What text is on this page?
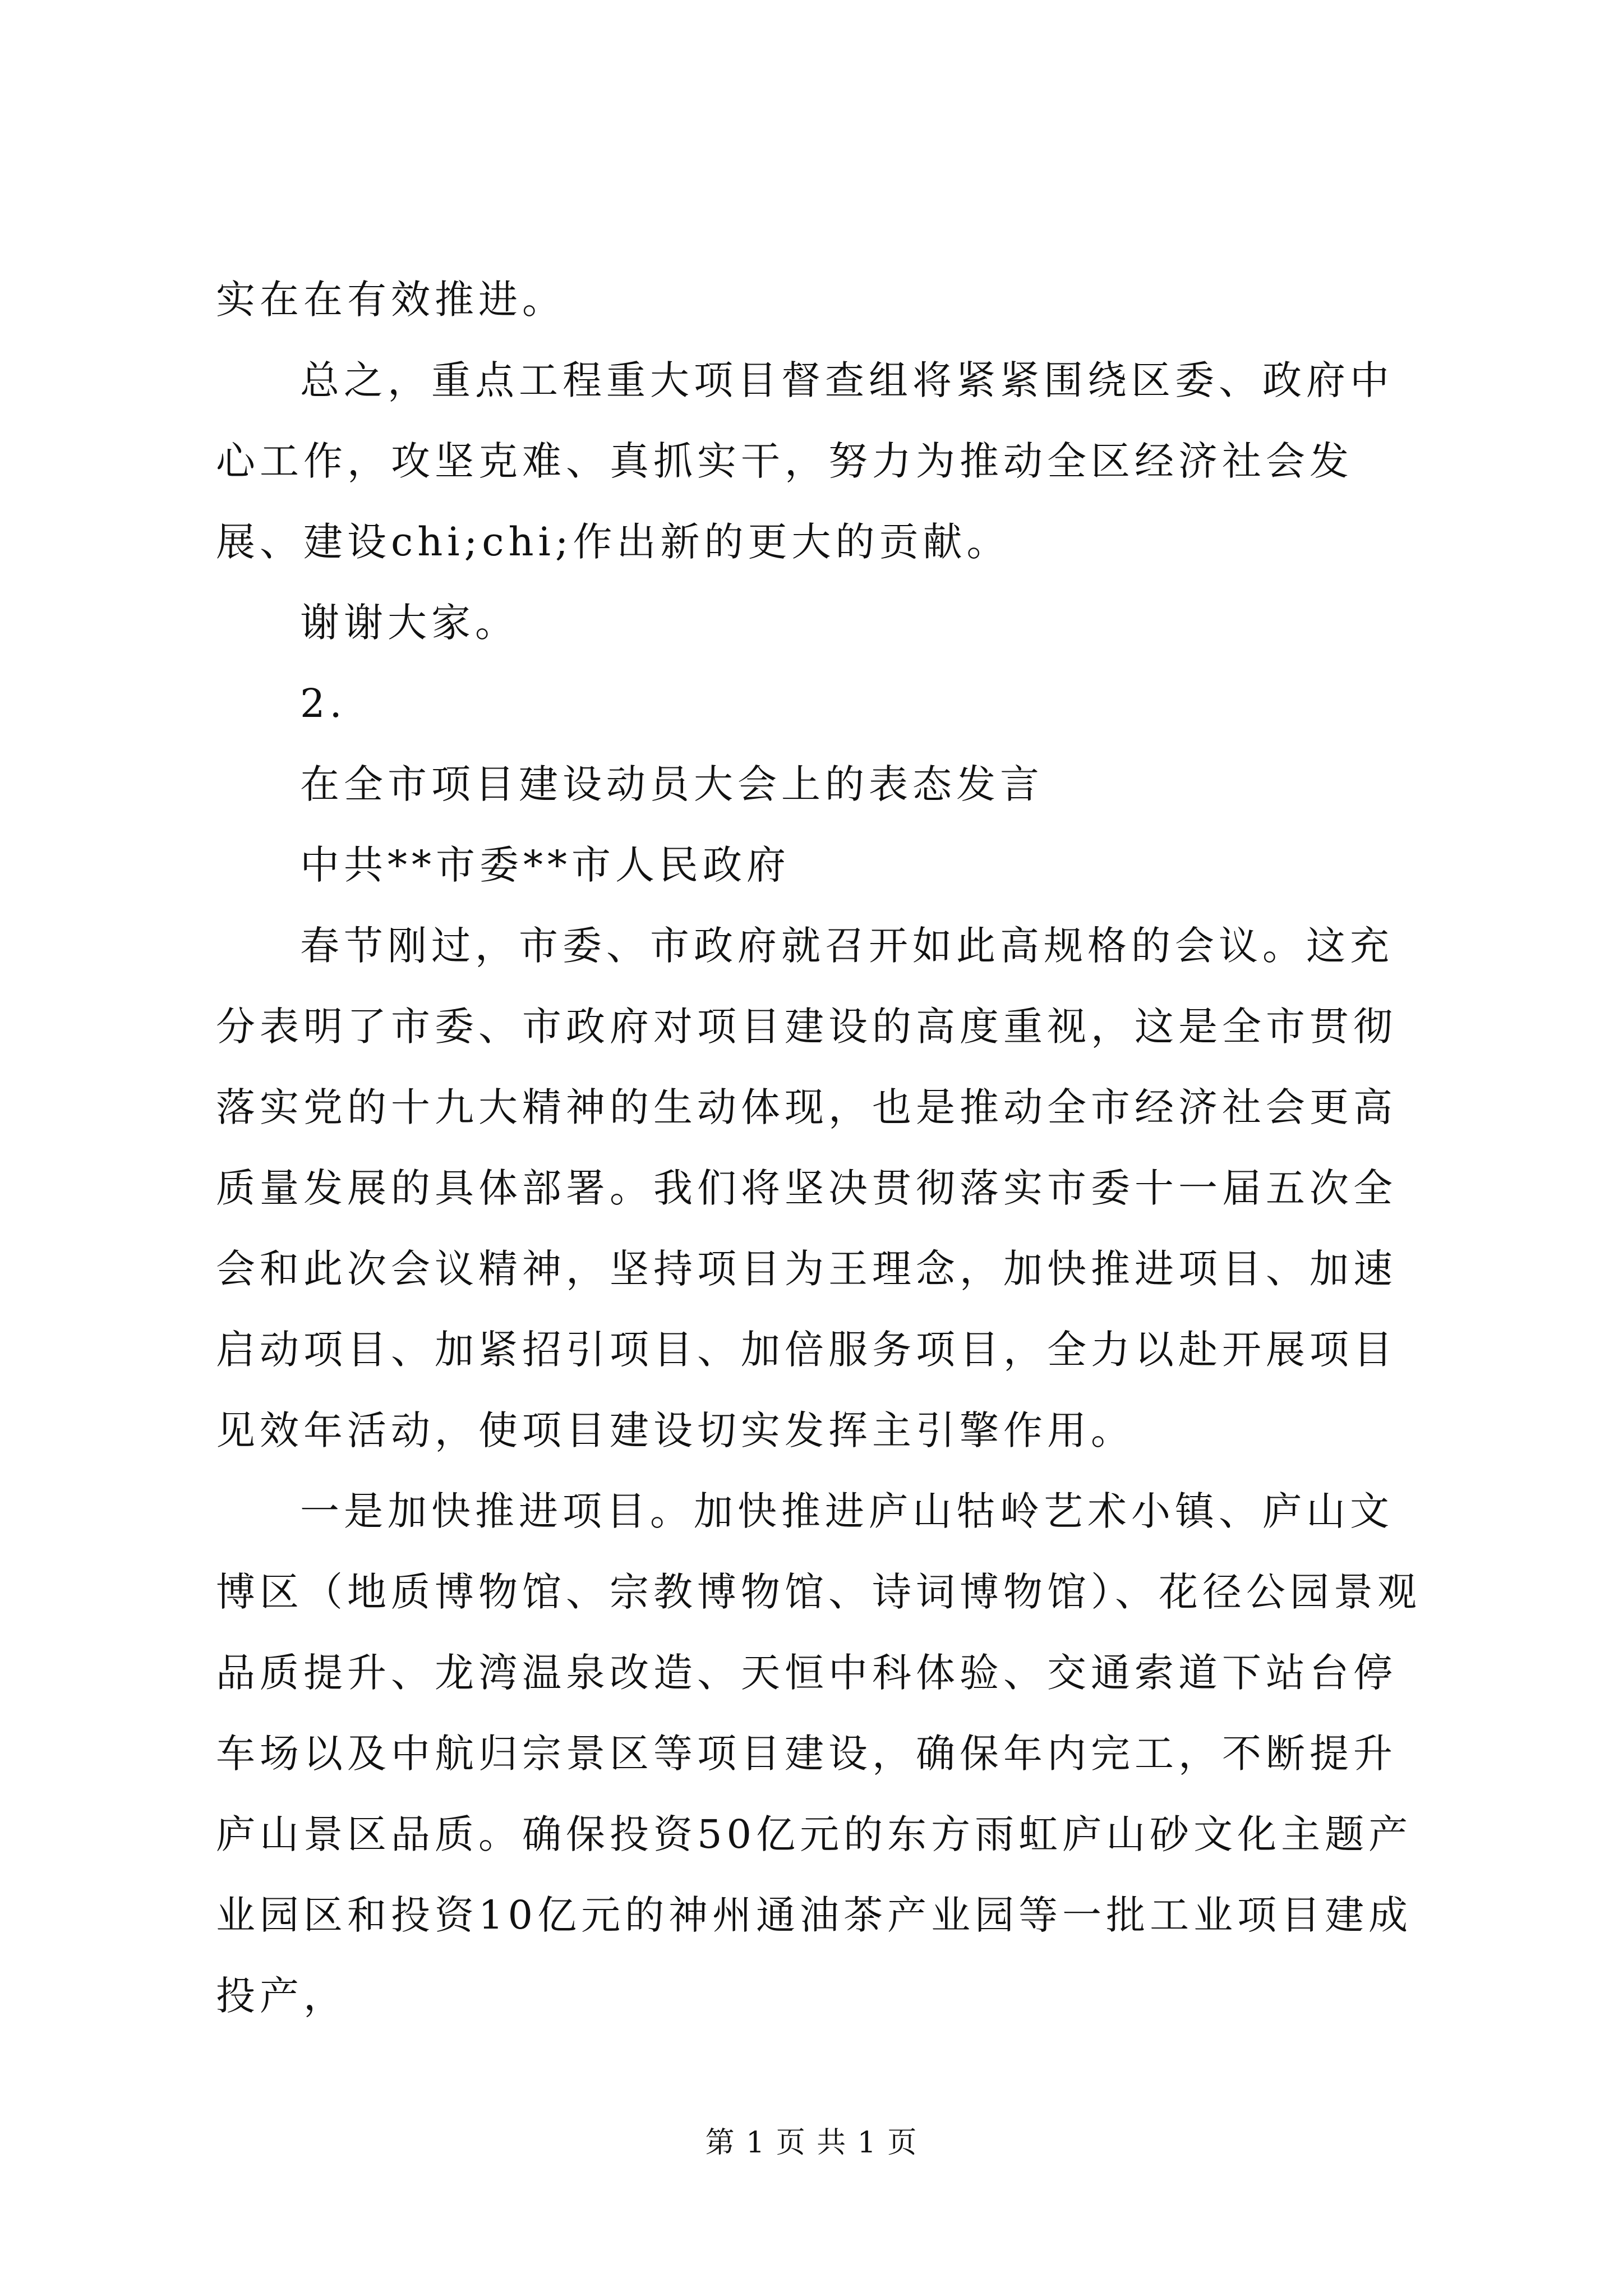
实在在有效推进。

总之，重点工程重大项目督查组将紧紧围绕区委、政府中心工作，攻坚克难、真抓实干，努力为推动全区经济社会发展、建设chi;chi;作出新的更大的贡献。

谢谢大家。

2.

在全市项目建设动员大会上的表态发言

中共**市委**市人民政府

春节刚过，市委、市政府就召开如此高规格的会议。这充分表明了市委、市政府对项目建设的高度重视，这是全市贯彻落实党的十九大精神的生动体现，也是推动全市经济社会更高质量发展的具体部署。我们将坚决贯彻落实市委十一届五次全会和此次会议精神，坚持项目为王理念，加快推进项目、加速启动项目、加紧招引项目、加倍服务项目，全力以赴开展项目见效年活动，使项目建设切实发挥主引擎作用。

一是加快推进项目。加快推进庐山牯岭艺术小镇、庐山文博区（地质博物馆、宗教博物馆、诗词博物馆）、花径公园景观品质提升、龙湾温泉改造、天恒中科体验、交通索道下站台停车场以及中航归宗景区等项目建设，确保年内完工，不断提升庐山景区品质。确保投资50亿元的东方雨虹庐山砂文化主题产业园区和投资10亿元的神州通油茶产业园等一批工业项目建成投产，

第 1 页 共 1 页
